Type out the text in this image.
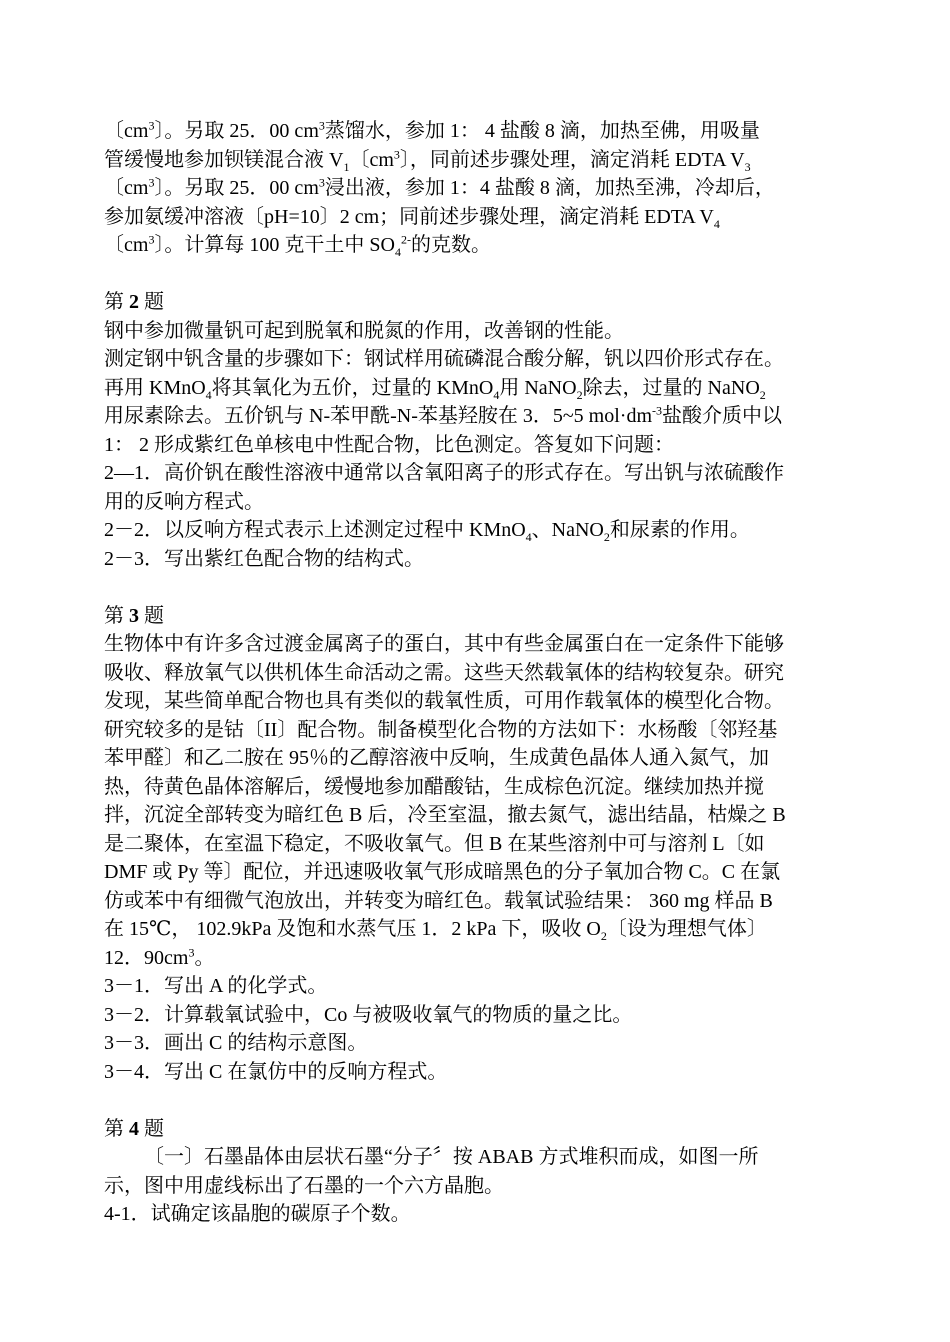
〔$cm^3$〕。另取 25．00 $cm^3$蒸馏水，参加 1： 4 盐酸 8 滴，加热至佛，用吸量

管缓慢地参加钡镁混合液 $V_1$〔$cm^3$〕，同前述步骤处理，滴定消耗 EDTA $V_3$

〔$cm^3$〕。另取 25．00 $cm^3$浸出液，参加 1：4 盐酸 8 滴，加热至沸，冷却后，

参加氨缓冲溶液〔pH=10〕2 cm；同前述步骤处理，滴定消耗 EDTA $V_4$

〔$cm^3$〕。计算每 100 克干土中 $SO_4^{2-}$的克数。

第 2 题

钢中参加微量钒可起到脱氧和脱氮的作用，改善钢的性能。

测定钢中钒含量的步骤如下：钢试样用硫磷混合酸分解，钒以四价形式存在。

再用 KMnO$_4$将其氧化为五价，过量的 KMnO$_4$用 NaNO$_2$除去，过量的 NaNO$_2$

用尿素除去。五价钒与 N-苯甲酰-N-苯基羟胺在 3．5~5 $mol\cdot dm^{-3}$盐酸介质中以

1： 2 形成紫红色单核电中性配合物，比色测定。答复如下问题：

2—1．高价钒在酸性溶液中通常以含氧阳离子的形式存在。写出钒与浓硫酸作

用的反响方程式。

2－2．以反响方程式表示上述测定过程中 KMnO$_4$、NaNO$_2$和尿素的作用。

2－3．写出紫红色配合物的结构式。

第 3 题

生物体中有许多含过渡金属离子的蛋白，其中有些金属蛋白在一定条件下能够

吸收、释放氧气以供机体生命活动之需。这些天然载氧体的结构较复杂。研究

发现，某些简单配合物也具有类似的载氧性质，可用作载氧体的模型化合物。

研究较多的是钴〔II〕配合物。制备模型化合物的方法如下：水杨酸〔邻羟基

苯甲醛〕和乙二胺在 95％的乙醇溶液中反响，生成黄色晶体人通入氮气，加

热，待黄色晶体溶解后，缓慢地参加醋酸钴，生成棕色沉淀。继续加热并搅

拌，沉淀全部转变为暗红色 B 后，冷至室温，撤去氮气，滤出结晶，枯燥之 B

是二聚体，在室温下稳定，不吸收氧气。但 B 在某些溶剂中可与溶剂 L〔如

DMF 或 Py 等〕配位，并迅速吸收氧气形成暗黑色的分子氧加合物 C。C 在氯

仿或苯中有细微气泡放出，并转变为暗红色。载氧试验结果： 360 mg 样品 B

在 15℃， 102.9kPa 及饱和水蒸气压 1．2 kPa 下，吸收 $O_2$〔设为理想气体〕

12．$90cm^3$。

3－1．写出 A 的化学式。

3－2．计算载氧试验中，Co 与被吸收氧气的物质的量之比。

3－3．画出 C 的结构示意图。

3－4．写出 C 在氯仿中的反响方程式。

第 4 题

〔一〕石墨晶体由层状石墨“分子〞按 ABAB 方式堆积而成，如图一所

示，图中用虚线标出了石墨的一个六方晶胞。

4-1．试确定该晶胞的碳原子个数。
